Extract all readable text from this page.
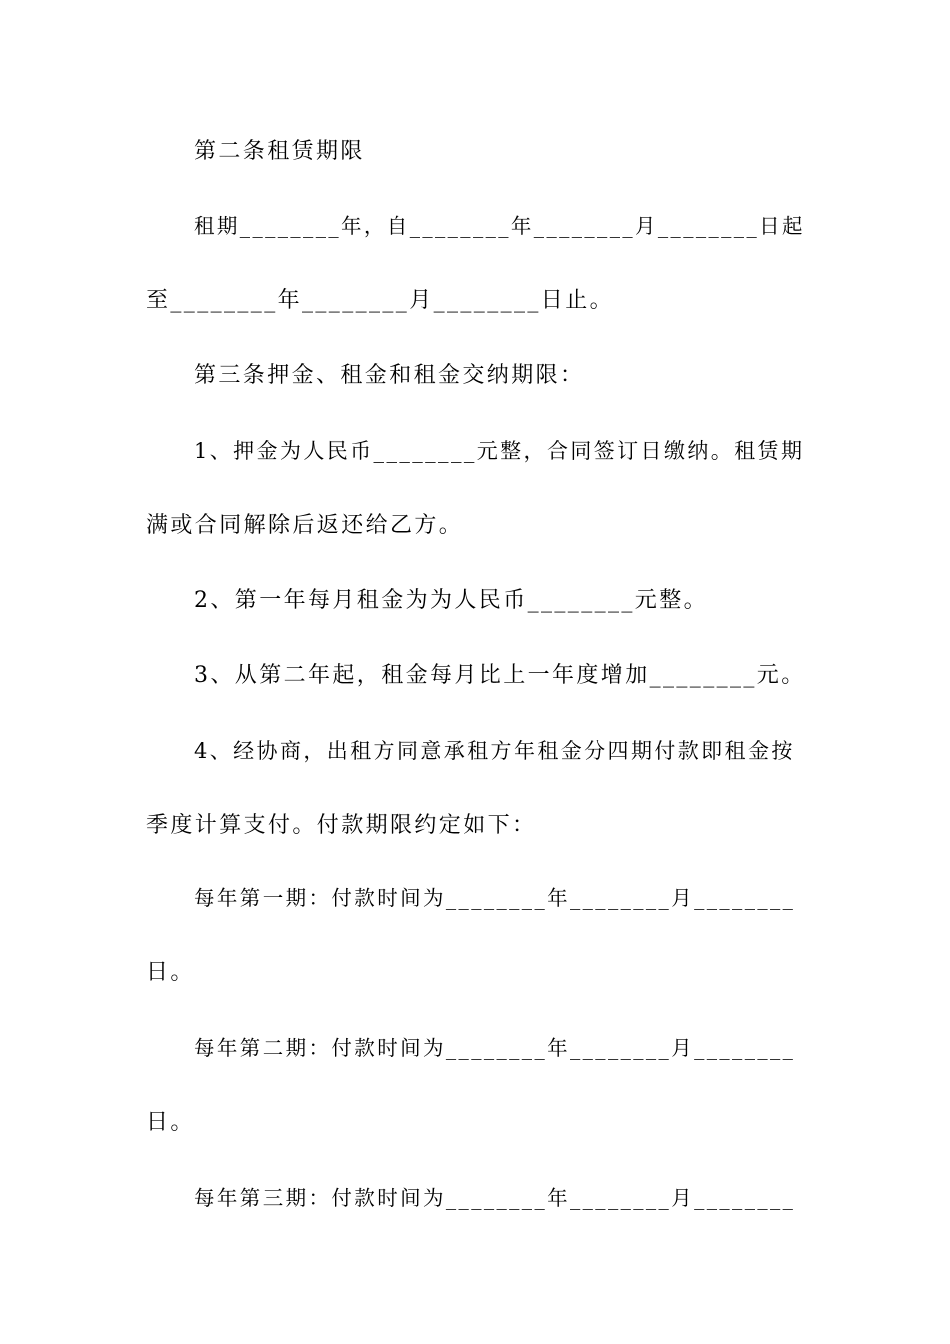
第二条租赁期限
租期________年，自________年________月________日起
至________年________月________日止。
第三条押金、租金和租金交纳期限：
1、押金为人民币________元整，合同签订日缴纳。租赁期
满或合同解除后返还给乙方。
2、第一年每月租金为为人民币________元整。
3、从第二年起，租金每月比上一年度增加________元。
4、经协商，出租方同意承租方年租金分四期付款即租金按
季度计算支付。付款期限约定如下：
每年第一期：付款时间为________年________月________
日。
每年第二期：付款时间为________年________月________
日。
每年第三期：付款时间为________年________月________
